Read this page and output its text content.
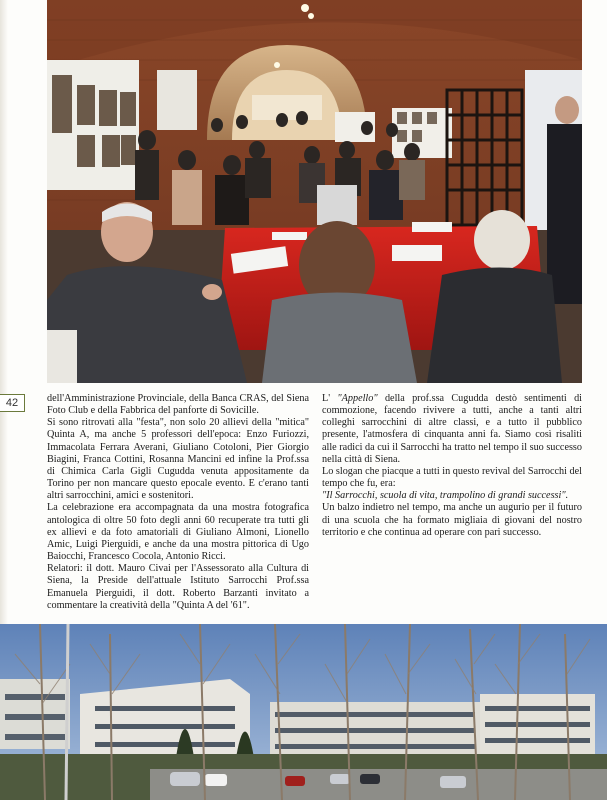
42	dell'Amministrazione Provinciale, della Banca CRAS, del Siena Foto Club e della Fabbrica del panforte di Sovicille.

Si sono ritrovati alla "festa", non solo 20 allievi della "mitica" Quinta A, ma anche 5 professori dell'epoca: Enzo Furiozzi, Immacolata Ferrara Averani, Giuliano Cotoloni, Pier Giorgio Biagini, Franca Cottini, Rosanna Mancini ed infine la Prof.ssa di Chimica Carla Gigli Cugudda venuta appositamente da Torino per non mancare questo epocale evento. E c'erano tanti altri sarrocchini, amici e sostenitori.

La celebrazione era accompagnata da una mostra fotografica antologica di oltre 50 foto degli anni 60 recuperate tra tutti gli ex allievi e da foto amatoriali di Giuliano Almoni, Lionello Amic, Luigi Pierguidi, e anche da una mostra pittorica di Ugo Baiocchi, Francesco Cocola, Antonio Ricci.

Relatori: il dott. Mauro Civai per l'Assessorato alla Cultura di Siena, la Preside dell'attuale Istituto Sarrocchi Prof.ssa Emanuela Pierguidi, il dott. Roberto Barzanti invitato a commentare la creatività della "Quinta A del '61".

L' "Appello" della prof.ssa Cugudda destò sentimenti di commozione, facendo rivivere a tutti, anche a tanti altri colleghi sarrocchini di altre classi, e a tutto il pubblico presente, l'atmosfera di cinquanta anni fa. Siamo così risaliti alle radici da cui il Sarrocchi ha tratto nel tempo il suo successo nella città di Siena.

Lo slogan che piacque a tutti in questo revival del Sarrocchi del tempo che fu, era:

"Il Sarrocchi, scuola di vita, trampolino di grandi successi".

Un balzo indietro nel tempo, ma anche un augurio per il futuro di una scuola che ha formato migliaia di giovani del nostro territorio e che continua ad operare con pari successo.
